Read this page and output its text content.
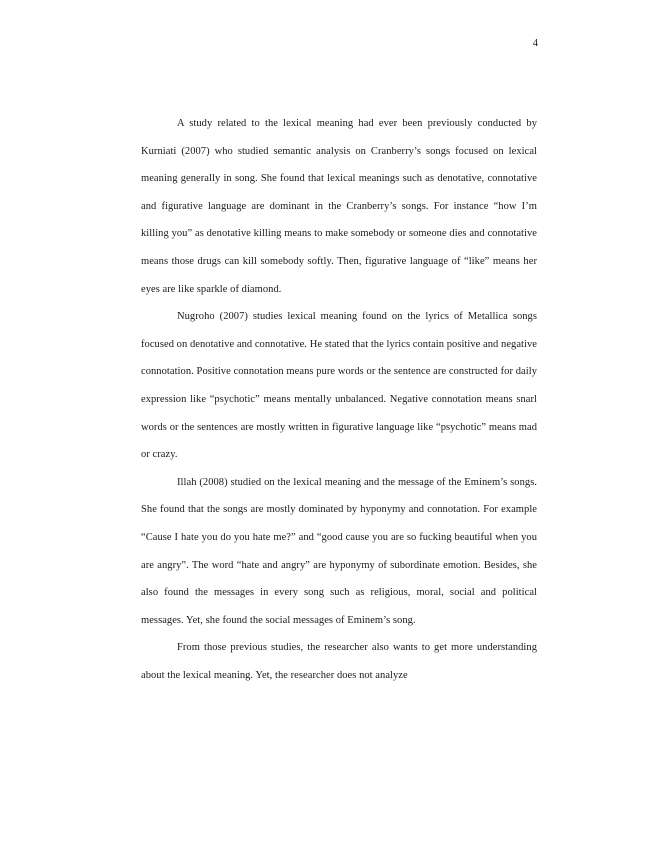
4

A study related to the lexical meaning had ever been previously conducted by Kurniati (2007) who studied semantic analysis on Cranberry’s songs focused on lexical meaning generally in song. She found that lexical meanings such as denotative, connotative and figurative language are dominant in the Cranberry’s songs. For instance “how I’m killing you” as denotative killing means to make somebody or someone dies and connotative means those drugs can kill somebody softly. Then, figurative language of “like” means her eyes are like sparkle of diamond.

Nugroho (2007) studies lexical meaning found on the lyrics of Metallica songs focused on denotative and connotative. He stated that the lyrics contain positive and negative connotation. Positive connotation means pure words or the sentence are constructed for daily expression like “psychotic” means mentally unbalanced. Negative connotation means snarl words or the sentences are mostly written in figurative language like “psychotic” means mad or crazy.

Illah (2008) studied on the lexical meaning and the message of the Eminem’s songs. She found that the songs are mostly dominated by hyponymy and connotation. For example “Cause I hate you do you hate me?” and “good cause you are so fucking beautiful when you are angry”. The word “hate and angry” are hyponymy of subordinate emotion. Besides, she also found the messages in every song such as religious, moral, social and political messages. Yet, she found the social messages of Eminem’s song.

From those previous studies, the researcher also wants to get more understanding about the lexical meaning. Yet, the researcher does not analyze
